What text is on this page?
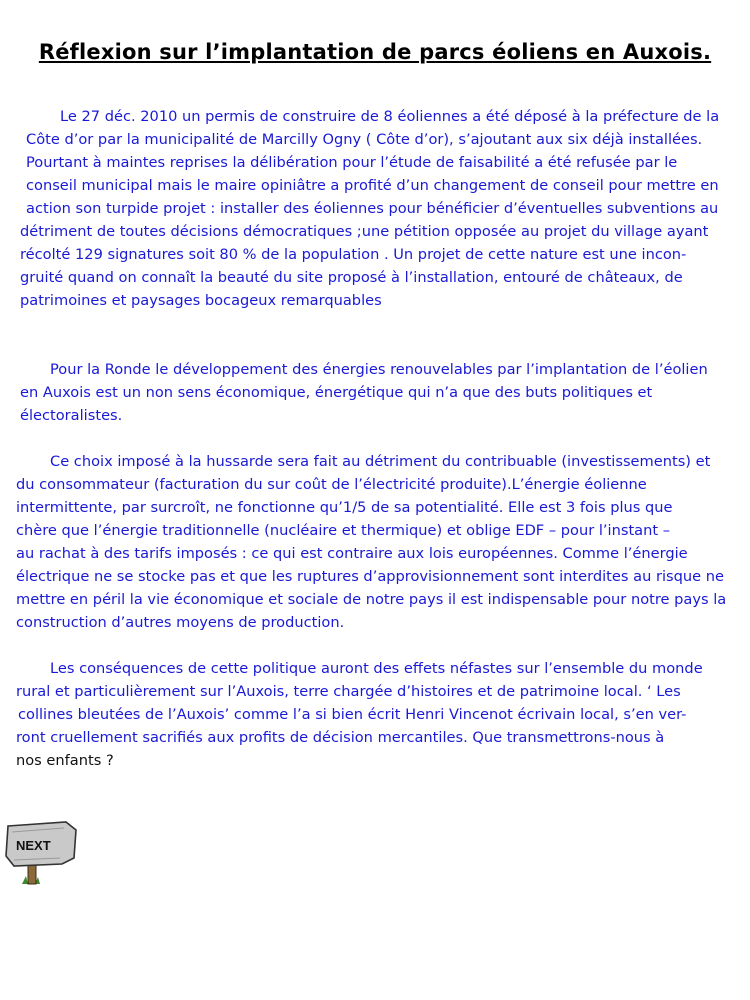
Réflexion sur l’implantation de parcs éoliens en Auxois.
Le 27 déc. 2010 un permis de construire de 8 éoliennes a été déposé à la préfecture de la
Côte d’or par la municipalité de Marcilly Ogny ( Côte d’or), s’ajoutant aux six déjà installées.
Pourtant à maintes reprises la délibération pour l’étude de faisabilité a été refusée par le
conseil municipal mais le maire opiniâtre a profité d’un changement de conseil pour mettre en
action son turpide projet : installer des éoliennes pour bénéficier d’éventuelles subventions au
détriment de toutes décisions démocratiques ;une pétition opposée au projet du village ayant
récolté 129 signatures soit 80 % de la population . Un projet de cette nature est une incon-
gruité quand on connaît la beauté du site proposé à l’installation, entouré de châteaux, de
patrimoines et paysages bocageux remarquables
Pour la Ronde le développement des énergies renouvelables par l’implantation de l’éolien
en Auxois est un non sens économique, énergétique qui n’a que des buts politiques et
électoralistes.
Ce choix imposé à la hussarde sera fait au détriment du contribuable (investissements) et
du consommateur (facturation du sur coût de l’électricité produite).L’énergie éolienne
intermittente, par surcroît, ne fonctionne qu’1/5 de sa potentialité. Elle est 3 fois plus que
chère que l’énergie traditionnelle (nucléaire et thermique) et oblige EDF – pour l’instant –
au rachat à des tarifs imposés : ce qui est contraire aux lois européennes. Comme l’énergie
électrique ne se stocke pas et que les ruptures d’approvisionnement sont interdites au risque ne
mettre en péril la vie économique et sociale de notre pays il est indispensable pour notre pays la
construction d’autres moyens de production.
Les conséquences de cette politique auront des effets néfastes sur l’ensemble du monde
rural et particulièrement sur l’Auxois, terre chargée d’histoires et de patrimoine local. ‘ Les
collines bleutées de l’Auxois’ comme l’a si bien écrit Henri Vincenot écrivain local, s’en ver-
ront cruellement sacrifiés aux profits de décision mercantiles. Que transmettrons-nous à
nos enfants ?
NEXT
